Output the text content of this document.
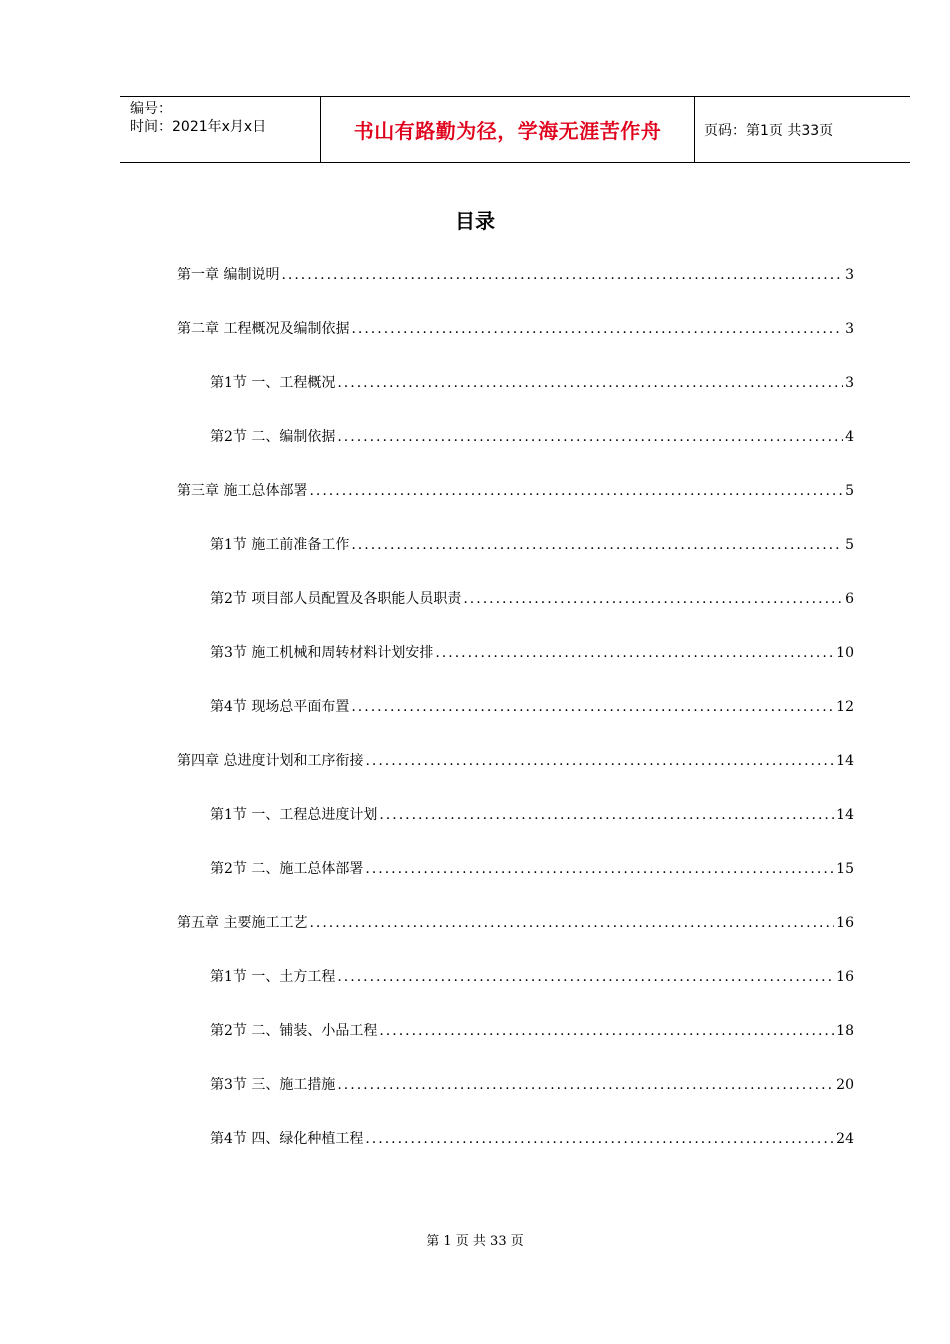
编号：
时间：2021年x月x日	书山有路勤为径，学海无涯苦作舟	页码：第1页 共33页
目录
第一章 编制说明 .....	3
第二章 工程概况及编制依据 .....	3
第1节 一、工程概况 .....	3
第2节 二、编制依据 .....	4
第三章 施工总体部署 .....	5
第1节 施工前准备工作 .....	5
第2节 项目部人员配置及各职能人员职责 .....	6
第3节 施工机械和周转材料计划安排 .....	10
第4节 现场总平面布置 .....	12
第四章 总进度计划和工序衔接 .....	14
第1节 一、工程总进度计划 .....	14
第2节 二、施工总体部署 .....	15
第五章 主要施工工艺 .....	16
第1节 一、土方工程 .....	16
第2节 二、铺装、小品工程 .....	18
第3节 三、施工措施 .....	20
第4节 四、绿化种植工程 .....	24
第 1 页 共 33 页
